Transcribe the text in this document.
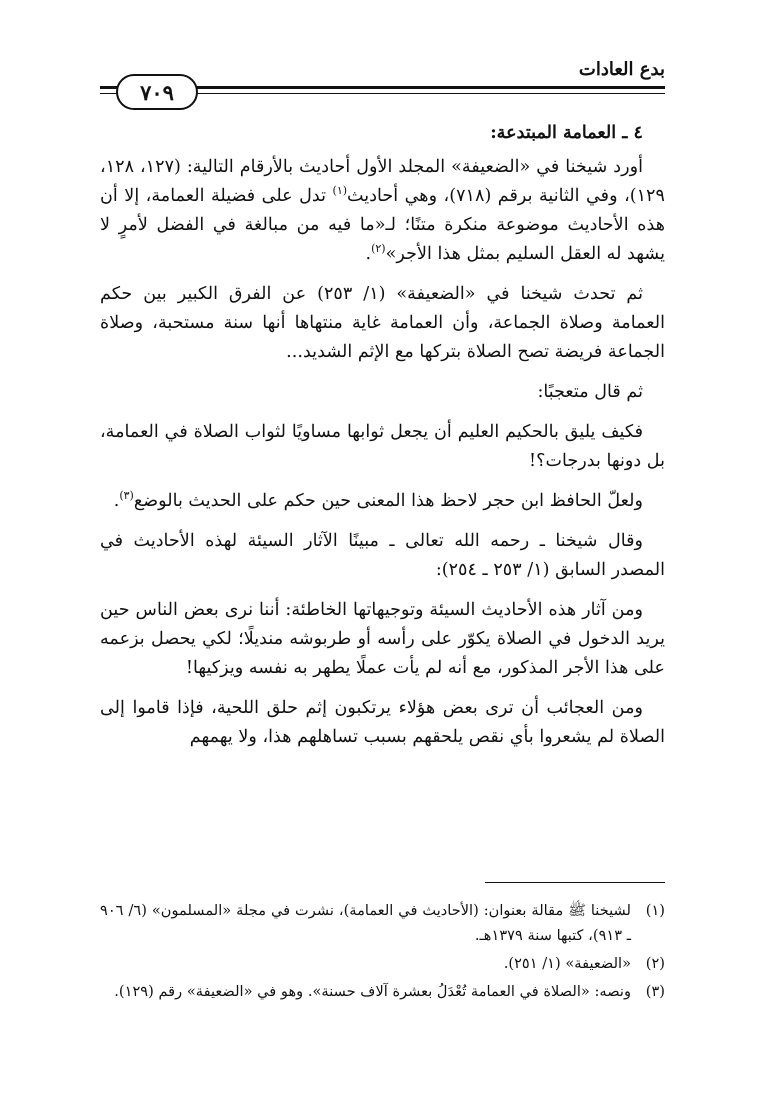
بدع العادات
٧٠٩

٤ ـ العمامة المبتدعة:

أورد شيخنا في «الضعيفة» المجلد الأول أحاديث بالأرقام التالية: (١٢٧، ١٢٨، ١٢٩)، وفي الثانية برقم (٧١٨)، وهي أحاديث$^{(١)}$ تدل على فضيلة العمامة، إلا أن هذه الأحاديث موضوعة منكرة متنًا؛ لـ«ما فيه من مبالغة في الفضل لأمرٍ لا يشهد له العقل السليم بمثل هذا الأجر»$^{(٢)}$.

ثم تحدث شيخنا في «الضعيفة» (١/ ٢٥٣) عن الفرق الكبير بين حكم العمامة وصلاة الجماعة، وأن العمامة غاية منتهاها أنها سنة مستحبة، وصلاة الجماعة فريضة تصح الصلاة بتركها مع الإثم الشديد...

ثم قال متعجبًا:

فكيف يليق بالحكيم العليم أن يجعل ثوابها مساويًا لثواب الصلاة في العمامة، بل دونها بدرجات؟!

ولعلّ الحافظ ابن حجر لاحظ هذا المعنى حين حكم على الحديث بالوضع$^{(٣)}$.

وقال شيخنا ـ رحمه الله تعالى ـ مبينًا الآثار السيئة لهذه الأحاديث في المصدر السابق (١/ ٢٥٣ ـ ٢٥٤):

ومن آثار هذه الأحاديث السيئة وتوجيهاتها الخاطئة: أننا نرى بعض الناس حين يريد الدخول في الصلاة يكوّر على رأسه أو طربوشه منديلًا؛ لكي يحصل بزعمه على هذا الأجر المذكور، مع أنه لم يأت عملًا يطهر به نفسه ويزكيها!

ومن العجائب أن ترى بعض هؤلاء يرتكبون إثم حلق اللحية، فإذا قاموا إلى الصلاة لم يشعروا بأي نقص يلحقهم بسبب تساهلهم هذا، ولا يهمهم

(١)
لشيخنا ﷺ مقالة بعنوان: (الأحاديث في العمامة)، نشرت في مجلة «المسلمون» (٦/ ٩٠٦ ـ ٩١٣)، كتبها سنة ١٣٧٩هـ.
(٢)
«الضعيفة» (١/ ٢٥١).
(٣)
ونصه: «الصلاة في العمامة تُعْدَلُ بعشرة آلاف حسنة». وهو في «الضعيفة» رقم (١٢٩).
